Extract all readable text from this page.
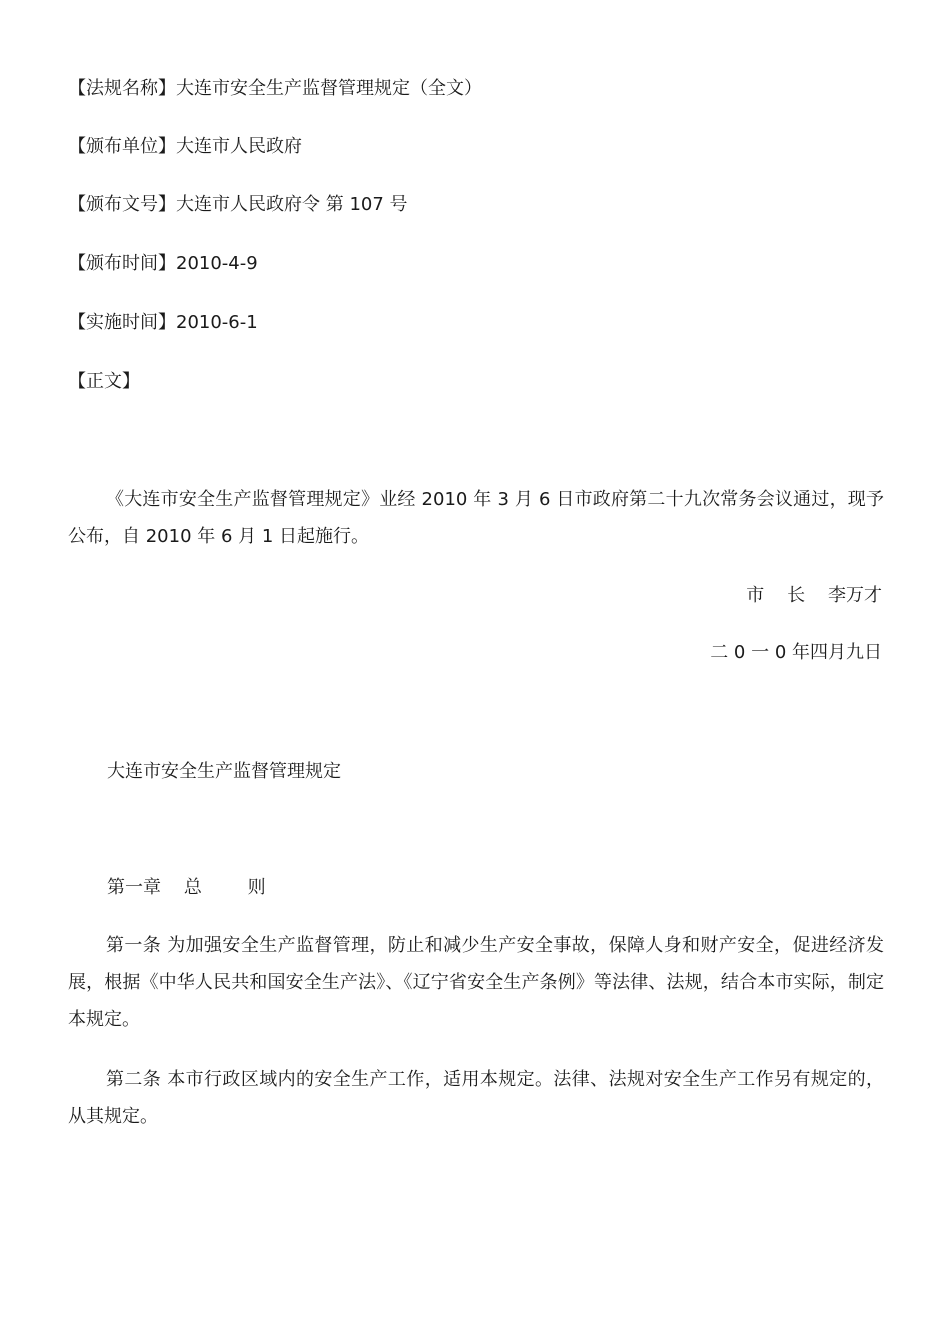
【法规名称】大连市安全生产监督管理规定（全文）
【颁布单位】大连市人民政府
【颁布文号】大连市人民政府令 第 107 号
【颁布时间】2010-4-9
【实施时间】2010-6-1
【正文】
《大连市安全生产监督管理规定》业经 2010 年 3 月 6 日市政府第二十九次常务会议通过，现予公布，自 2010 年 6 月 1 日起施行。
市    长    李万才
二 0 一 0 年四月九日
大连市安全生产监督管理规定
第一章    总        则
第一条 为加强安全生产监督管理，防止和减少生产安全事故，保障人身和财产安全，促进经济发展，根据《中华人民共和国安全生产法》、《辽宁省安全生产条例》等法律、法规，结合本市实际，制定本规定。
第二条 本市行政区域内的安全生产工作，适用本规定。法律、法规对安全生产工作另有规定的，从其规定。
